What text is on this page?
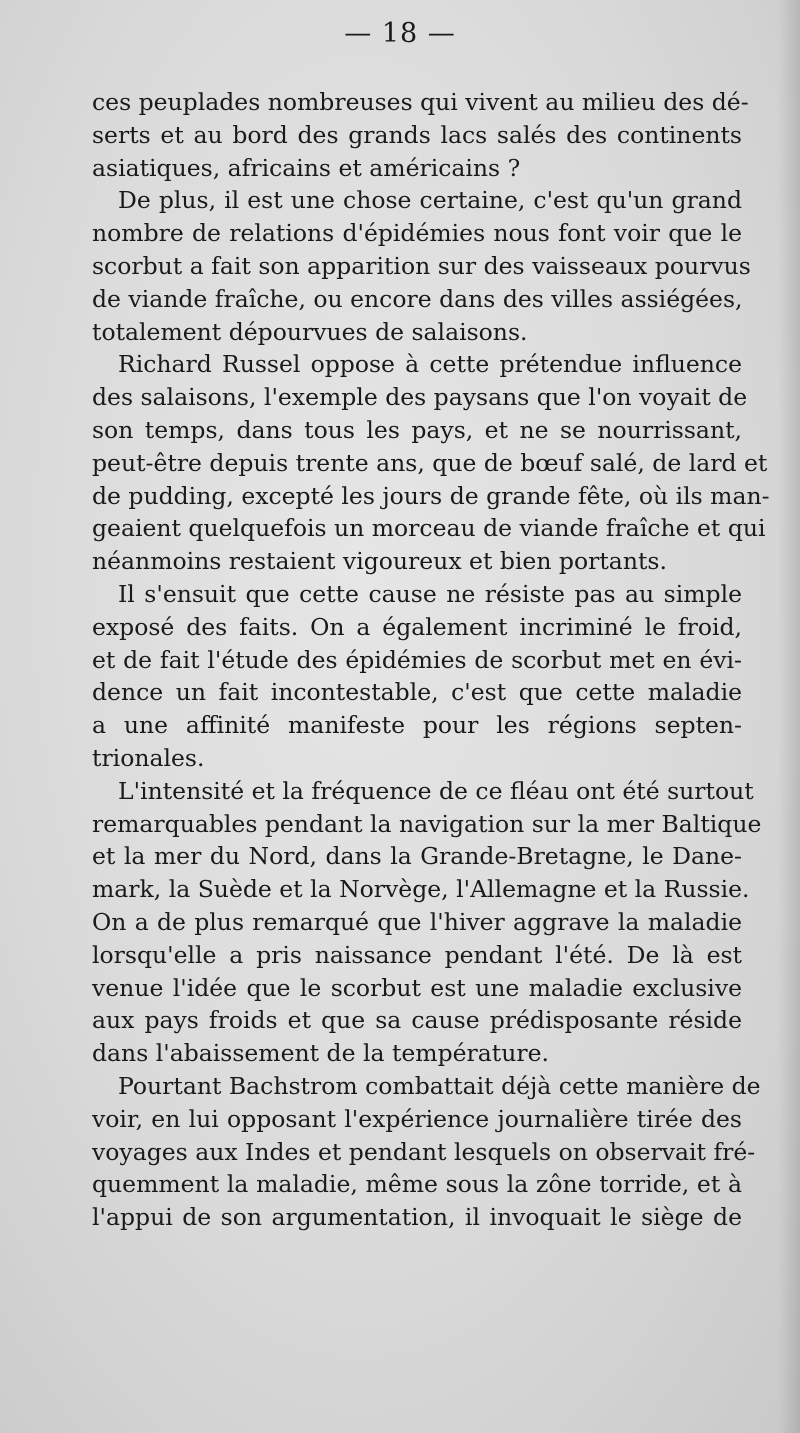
— 18 —
ces peuplades nombreuses qui vivent au milieu des dé-
serts et au bord des grands lacs salés des continents
asiatiques, africains et américains ?
De plus, il est une chose certaine, c'est qu'un grand
nombre de relations d'épidémies nous font voir que le
scorbut a fait son apparition sur des vaisseaux pourvus
de viande fraîche, ou encore dans des villes assiégées,
totalement dépourvues de salaisons.
Richard Russel oppose à cette prétendue influence
des salaisons, l'exemple des paysans que l'on voyait de
son temps, dans tous les pays, et ne se nourrissant,
peut-être depuis trente ans, que de bœuf salé, de lard et
de pudding, excepté les jours de grande fête, où ils man-
geaient quelquefois un morceau de viande fraîche et qui
néanmoins restaient vigoureux et bien portants.
Il s'ensuit que cette cause ne résiste pas au simple
exposé des faits. On a également incriminé le froid,
et de fait l'étude des épidémies de scorbut met en évi-
dence un fait incontestable, c'est que cette maladie
a une affinité manifeste pour les régions septen-
trionales.
L'intensité et la fréquence de ce fléau ont été surtout
remarquables pendant la navigation sur la mer Baltique
et la mer du Nord, dans la Grande-Bretagne, le Dane-
mark, la Suède et la Norvège, l'Allemagne et la Russie.
On a de plus remarqué que l'hiver aggrave la maladie
lorsqu'elle a pris naissance pendant l'été. De là est
venue l'idée que le scorbut est une maladie exclusive
aux pays froids et que sa cause prédisposante réside
dans l'abaissement de la température.
Pourtant Bachstrom combattait déjà cette manière de
voir, en lui opposant l'expérience journalière tirée des
voyages aux Indes et pendant lesquels on observait fré-
quemment la maladie, même sous la zône torride, et à
l'appui de son argumentation, il invoquait le siège de
